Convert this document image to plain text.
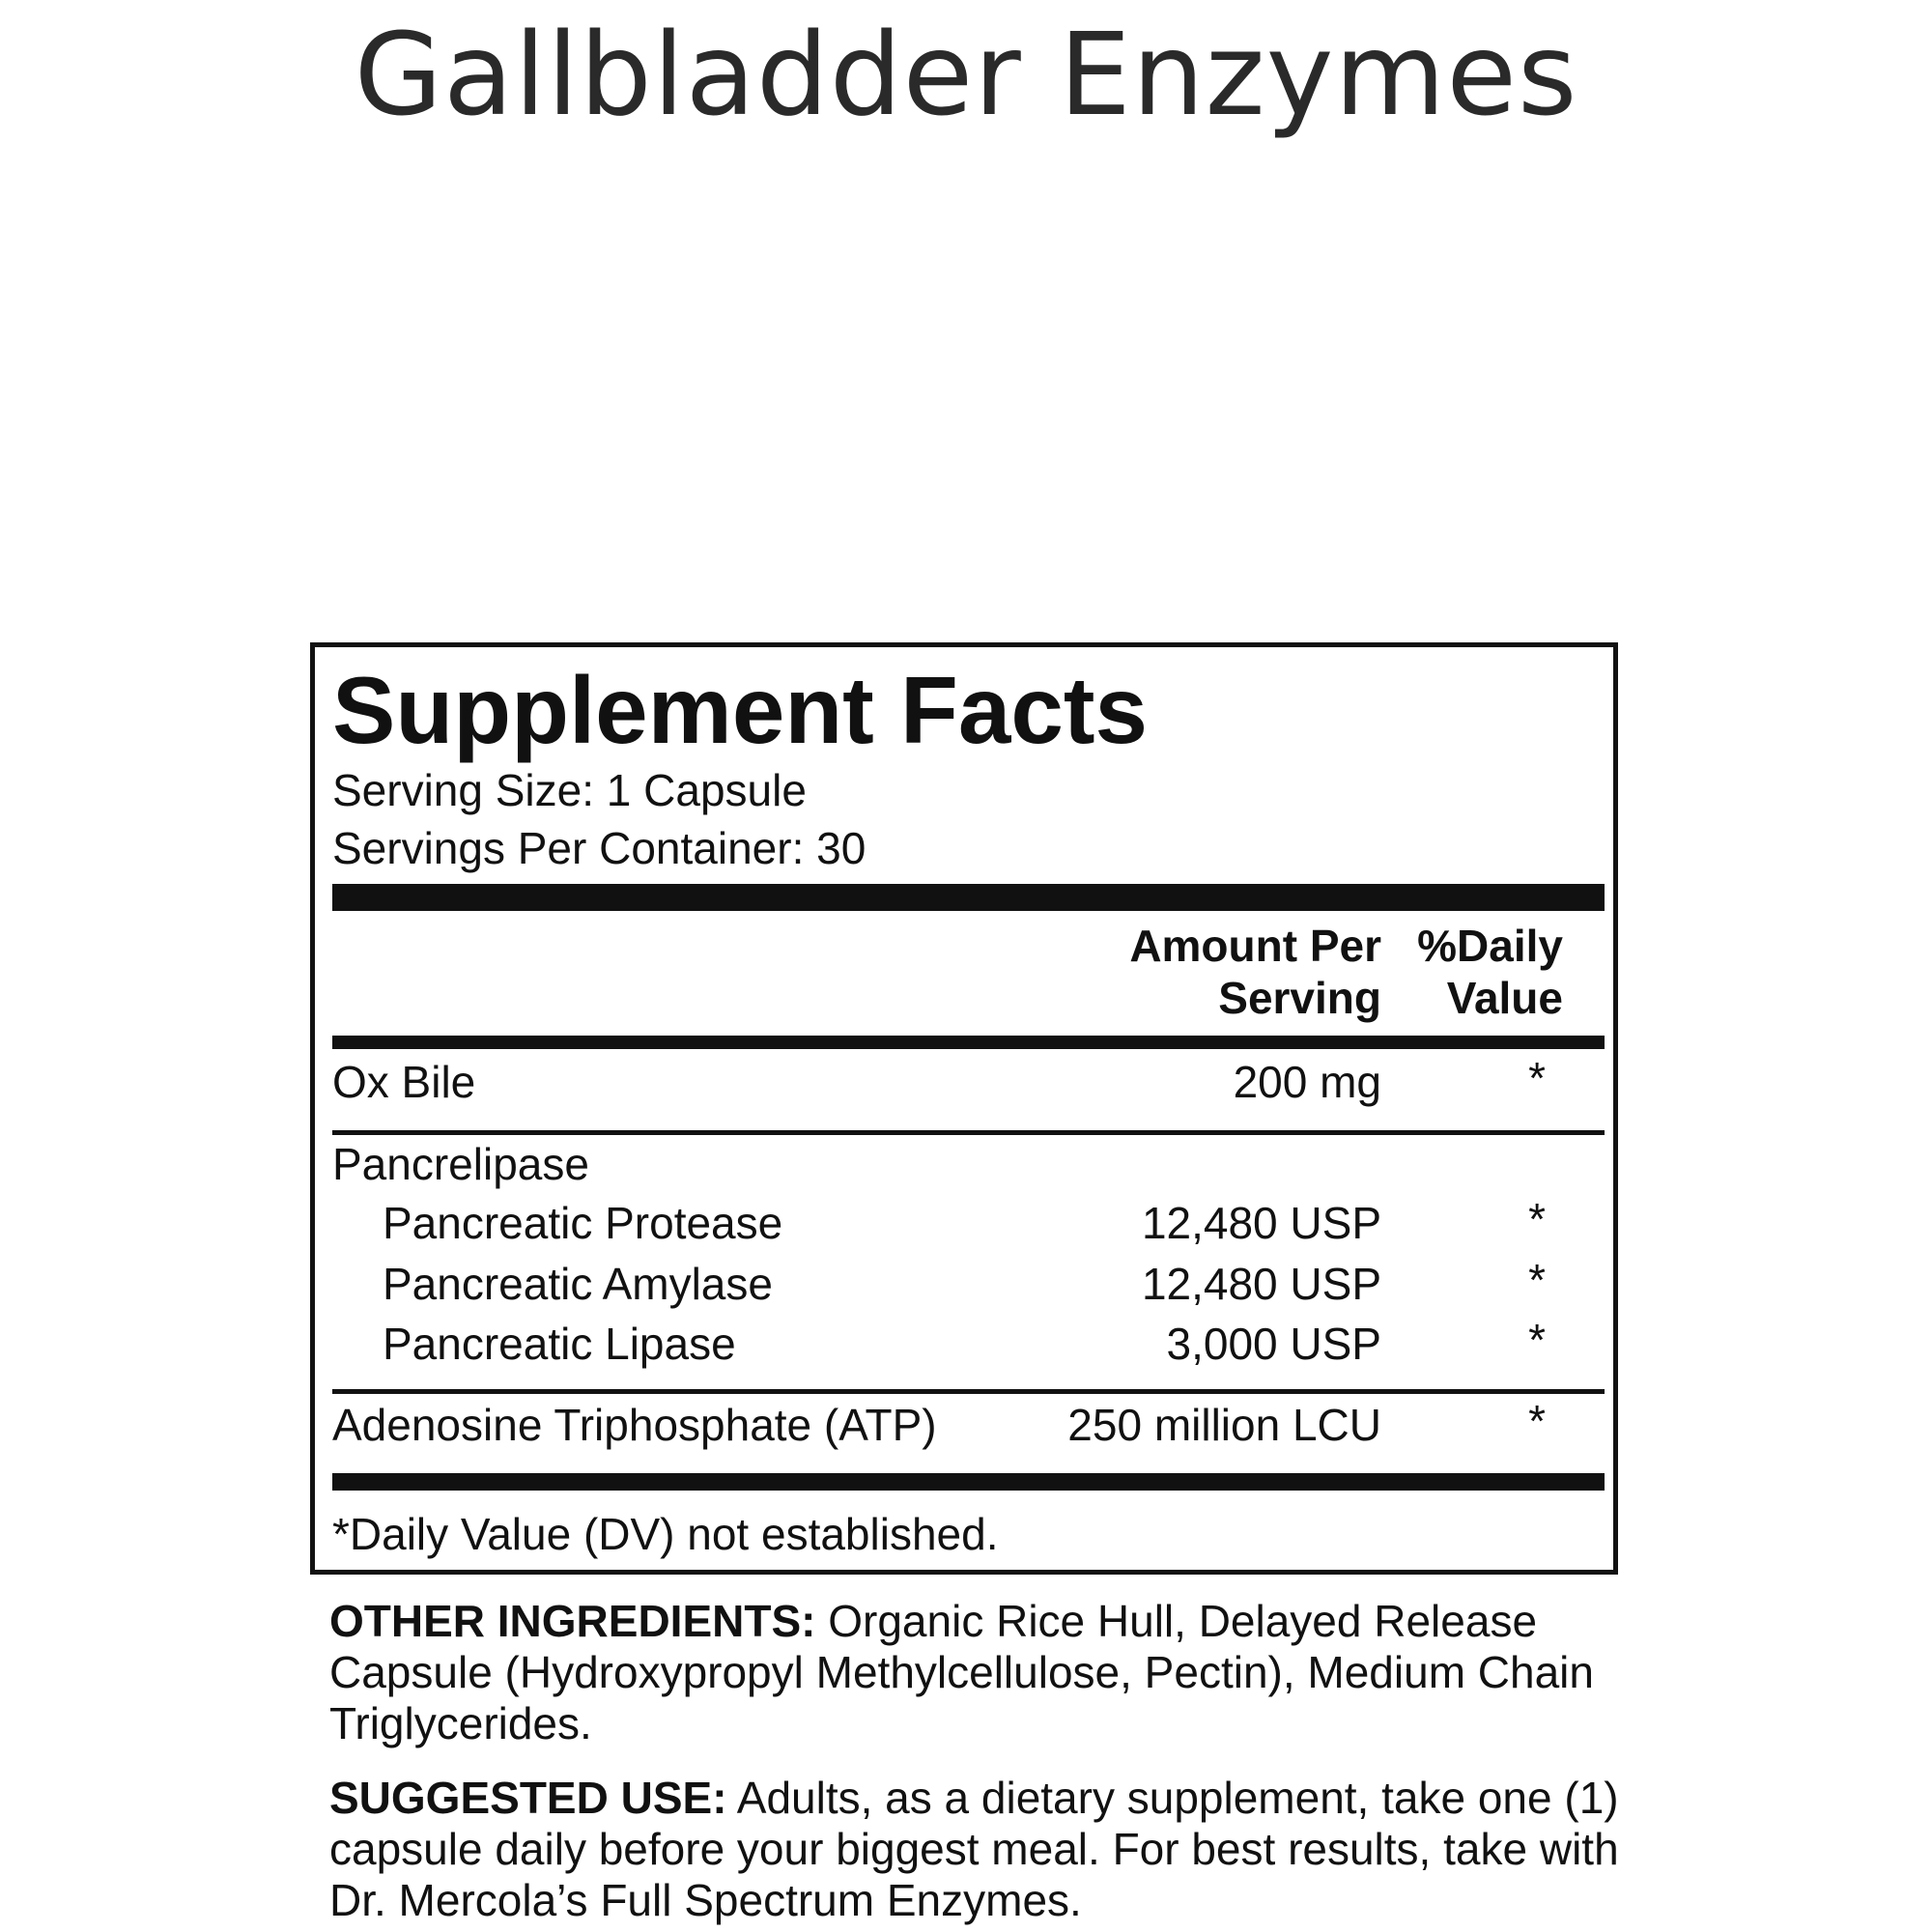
Gallbladder Enzymes
Supplement Facts
Serving Size: 1 Capsule
Servings Per Container: 30
Amount Per
Serving
%Daily
Value
Ox Bile	200 mg	*
Pancrelipase
Pancreatic Protease	12,480 USP	*
Pancreatic Amylase	12,480 USP	*
Pancreatic Lipase	3,000 USP	*
Adenosine Triphosphate (ATP)	250 million LCU	*
*Daily Value (DV) not established.
OTHER INGREDIENTS: Organic Rice Hull, Delayed Release Capsule (Hydroxypropyl Methylcellulose, Pectin), Medium Chain Triglycerides.
SUGGESTED USE: Adults, as a dietary supplement, take one (1) capsule daily before your biggest meal. For best results, take with Dr. Mercola’s Full Spectrum Enzymes.
